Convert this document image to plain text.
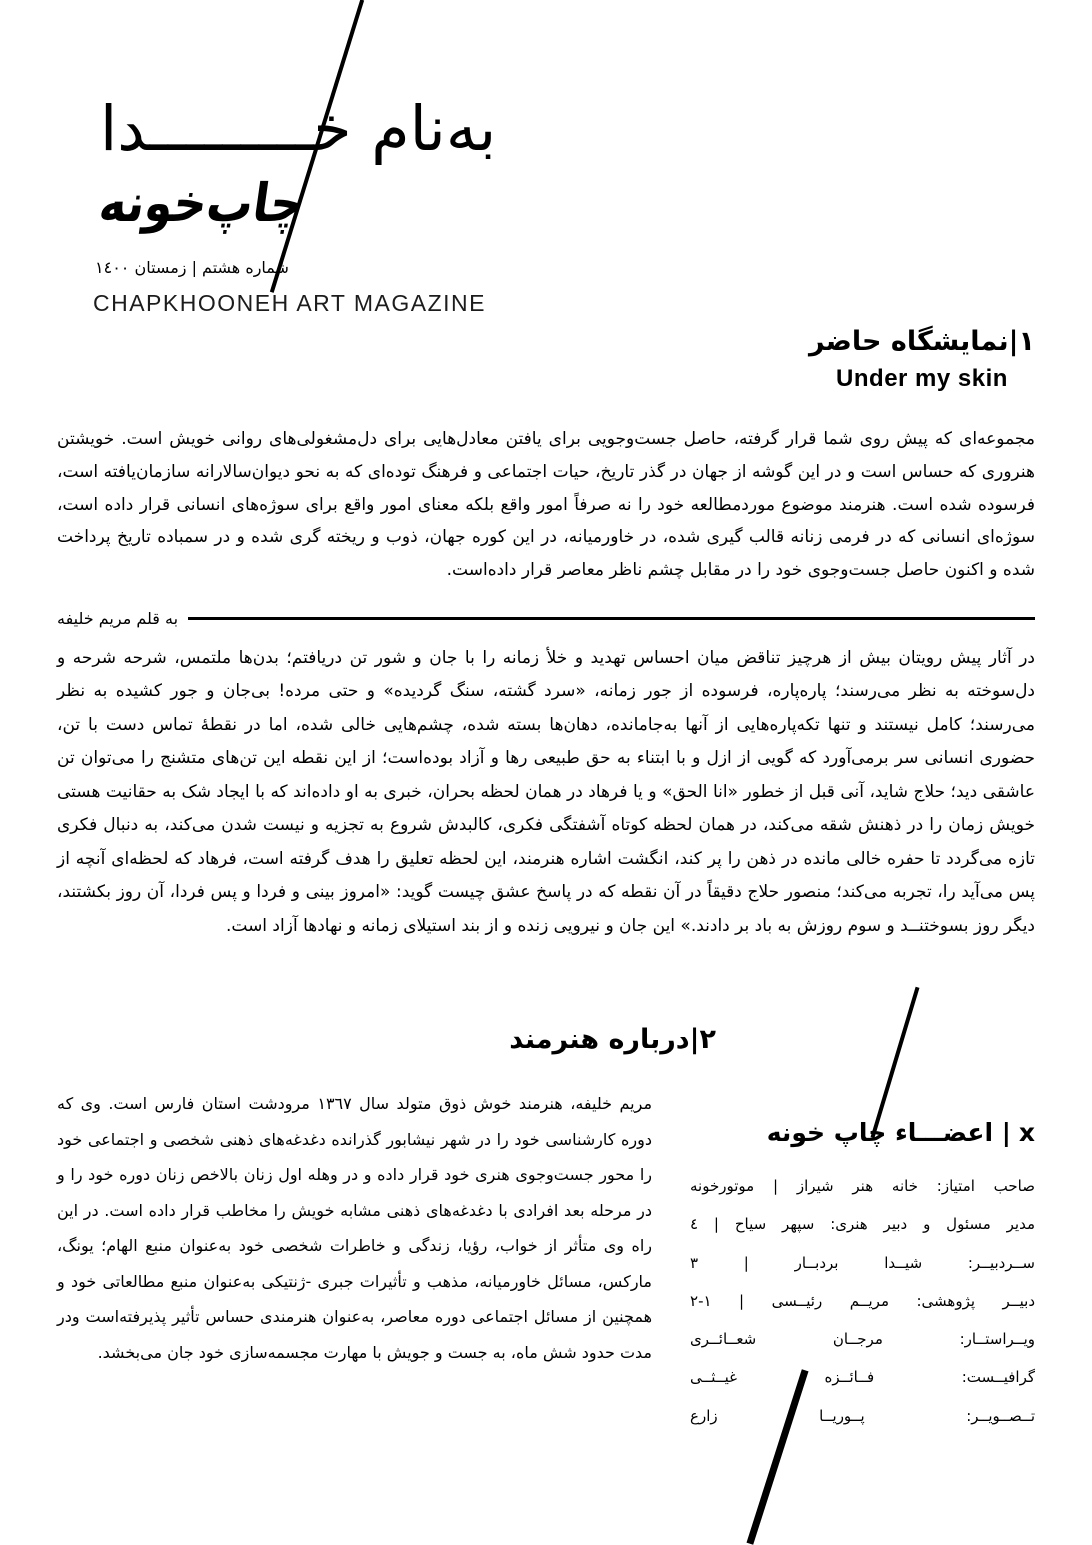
به‌نام خـــــــــدا
چاپ‌خونه
شماره هشتم | زمستان ١٤٠٠
CHAPKHOONEH ART MAGAZINE
١|نمایشگاه حاضر
Under my skin
مجموعه‌ای که پیش روی شما قرار گرفته، حاصل جست‌وجویی برای یافتن معادل‌هایی برای دل‌مشغولی‌های روانی خویش است. خویشتن هنروری که حساس است و در این گوشه از جهان در گذر تاریخ، حیات اجتماعی و فرهنگ توده‌ای که به نحو دیوان‌سالارانه سازمان‌یافته است، فرسوده شده است. هنرمند موضوع موردمطالعه خود را نه صرفاً امور واقع بلکه معنای امور واقع برای سوژه‌های انسانی قرار داده است، سوژه‌ای انسانی که در فرمی زنانه قالب گیری شده، در خاورمیانه، در این کوره جهان، ذوب و ریخته گری شده و در سمباده تاریخ پرداخت شده و اکنون حاصل جست‌وجوی خود را در مقابل چشم ناظر معاصر قرار داده‌است.
به قلم مریم خلیفه
در آثار پیش رویتان بیش از هرچیز تناقض میان احساس تهدید و خلأ زمانه را با جان و شور تن دریافتم؛ بدن‌ها ملتمس، شرحه شرحه و دل‌سوخته به نظر می‌رسند؛ پاره‌پاره، فرسوده از جور زمانه، «سرد گشته، سنگ گردیده» و حتی مرده! بی‌جان و جور کشیده به نظر می‌رسند؛ کامل نیستند و تنها تکه‌پاره‌هایی از آنها به‌جامانده، دهان‌ها بسته شده، چشم‌هایی خالی شده، اما در نقطهٔ تماس دست با تن، حضوری انسانی سر برمی‌آورد که گویی از ازل و با ابتناء به حق طبیعی رها و آزاد بوده‌است؛ از این نقطه این تن‌های متشنج را می‌توان تن عاشقی دید؛ حلاج شاید، آنی قبل از خطور «انا الحق» و یا فرهاد در همان لحظه بحران، خبری به او داده‌اند که با ایجاد شک به حقانیت هستی خویش زمان را در ذهنش شقه می‌کند، در همان لحظه کوتاه آشفتگی فکری، کالبدش شروع به تجزیه و نیست شدن می‌کند، به دنبال فکری تازه می‌گردد تا حفره خالی مانده در ذهن را پر کند، انگشت اشاره هنرمند، این لحظه تعلیق را هدف گرفته است، فرهاد که لحظه‌ای آنچه از پس می‌آید را، تجربه می‌کند؛ منصور حلاج دقیقاً در آن نقطه که در پاسخ عشق چیست گوید: «امروز بینی و فردا و پس فردا، آن روز بکشتند، دیگر روز بسوختنــد و سوم روزش به باد بر دادند.» این جان و نیرویی زنده و از بند استیلای زمانه و نهادها آزاد است.
٢|درباره هنرمند
مریم خلیفه، هنرمند خوش ذوق متولد سال ١٣٦٧ مرودشت استان فارس است. وی که دوره کارشناسی خود را در شهر نیشابور گذرانده دغدغه‌های ذهنی شخصی و اجتماعی خود را محور جست‌وجوی هنری خود قرار داده و در وهله اول زنان بالاخص زنان دوره خود را و در مرحله بعد افرادی با دغدغه‌های ذهنی مشابه خویش را مخاطب قرار داده است. در این راه وی متأثر از خواب، رؤیا، زندگی و خاطرات شخصی خود به‌عنوان منبع الهام؛ یونگ، مارکس، مسائل خاورمیانه، مذهب و تأثیرات جبری -ژنتیکی به‌عنوان منبع مطالعاتی خود و همچنین از مسائل اجتماعی دوره معاصر، به‌عنوان هنرمندی حساس تأثیر پذیرفته‌است ودر مدت حدود شش ماه، به جست و جویش با مهارت مجسمه‌سازی خود جان می‌بخشد.
x| اعضـــاء چاپ خونه
صاحب امتیاز: خانه هنر شیراز | موتورخونه
مدیر مسئول و دبیر هنری: سپهر سیاح | ٤
ســردبیــر: شیــدا بردبــار | ٣
دبیــر پژوهشی: مریــم رئیــسی | ١-٢
ویــراستــار: مرجــان شعــائــری
گرافیــست: فــائــزه غیــثــی
تــصــویــر: پــوریــا زارع
